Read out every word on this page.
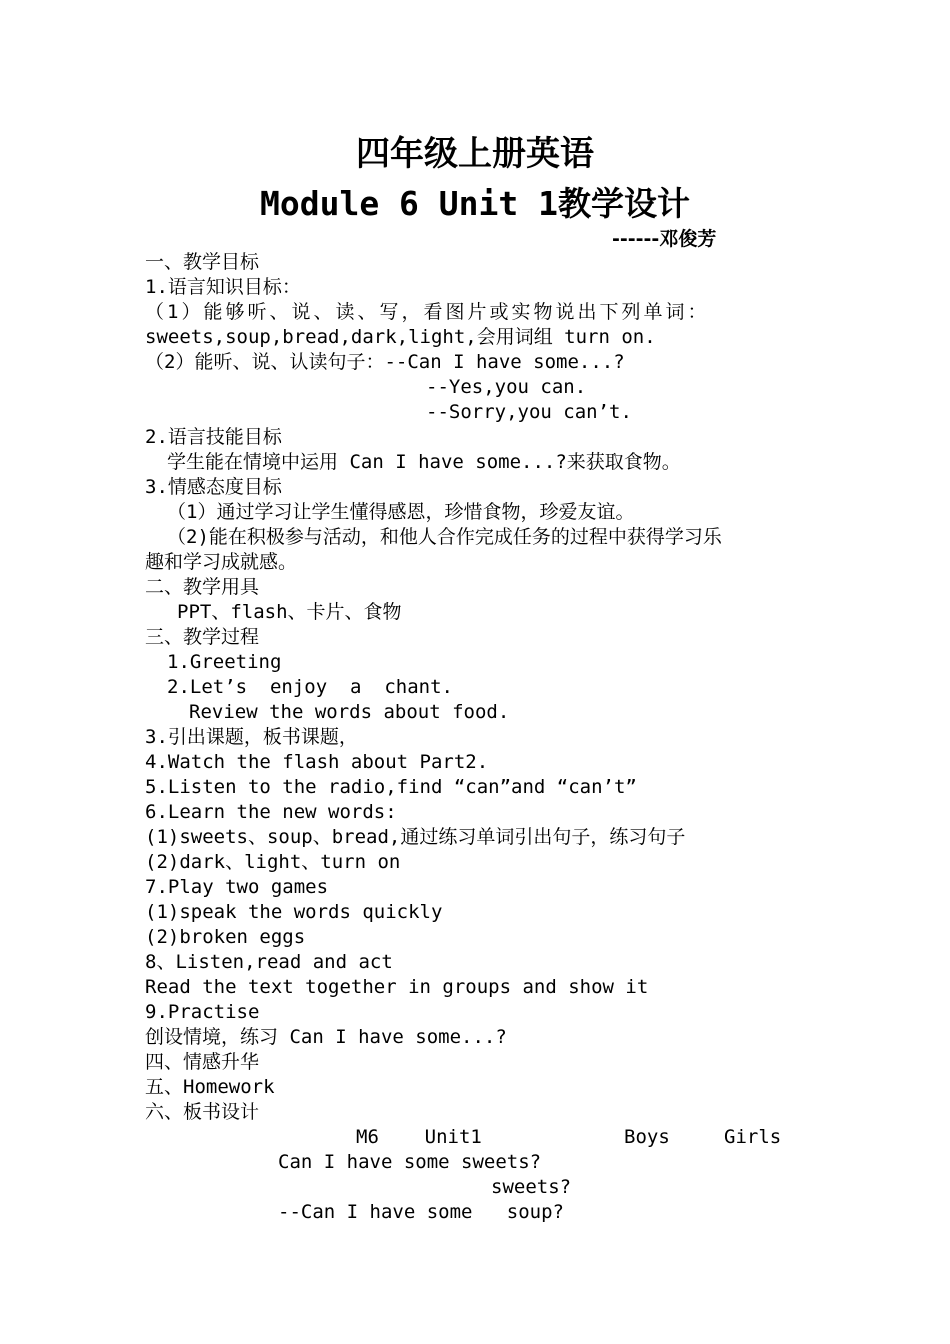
四年级上册英语
Module 6 Unit 1教学设计
------邓俊芳
一、教学目标
1.语言知识目标：
（1）能够听、说、读、写，看图片或实物说出下列单词：
sweets,soup,bread,dark,light,会用词组 turn on.
（2）能听、说、认读句子：--Can I have some...?
--Yes,you can.
--Sorry,you can’t.
2.语言技能目标
学生能在情境中运用 Can I have some...?来获取食物。
3.情感态度目标
（1）通过学习让学生懂得感恩，珍惜食物，珍爱友谊。
（2)能在积极参与活动，和他人合作完成任务的过程中获得学习乐
趣和学习成就感。
二、教学用具
PPT、flash、卡片、食物
三、教学过程
1.Greeting
2.Let’s  enjoy  a  chant.
Review the words about food.
3.引出课题，板书课题，
4.Watch the flash about Part2.
5.Listen to the radio,find “can”and “can’t”
6.Learn the new words:
(1)sweets、soup、bread,通过练习单词引出句子，练习句子
(2)dark、light、turn on
7.Play two games
(1)speak the words quickly
(2)broken eggs
8、Listen,read and act
Read the text together in groups and show it
9.Practise
创设情境，练习 Can I have some...?
四、情感升华
五、Homework
六、板书设计
M6    Unit1	Boys	Girls
Can I have some sweets?
sweets?
--Can I have some   soup?
